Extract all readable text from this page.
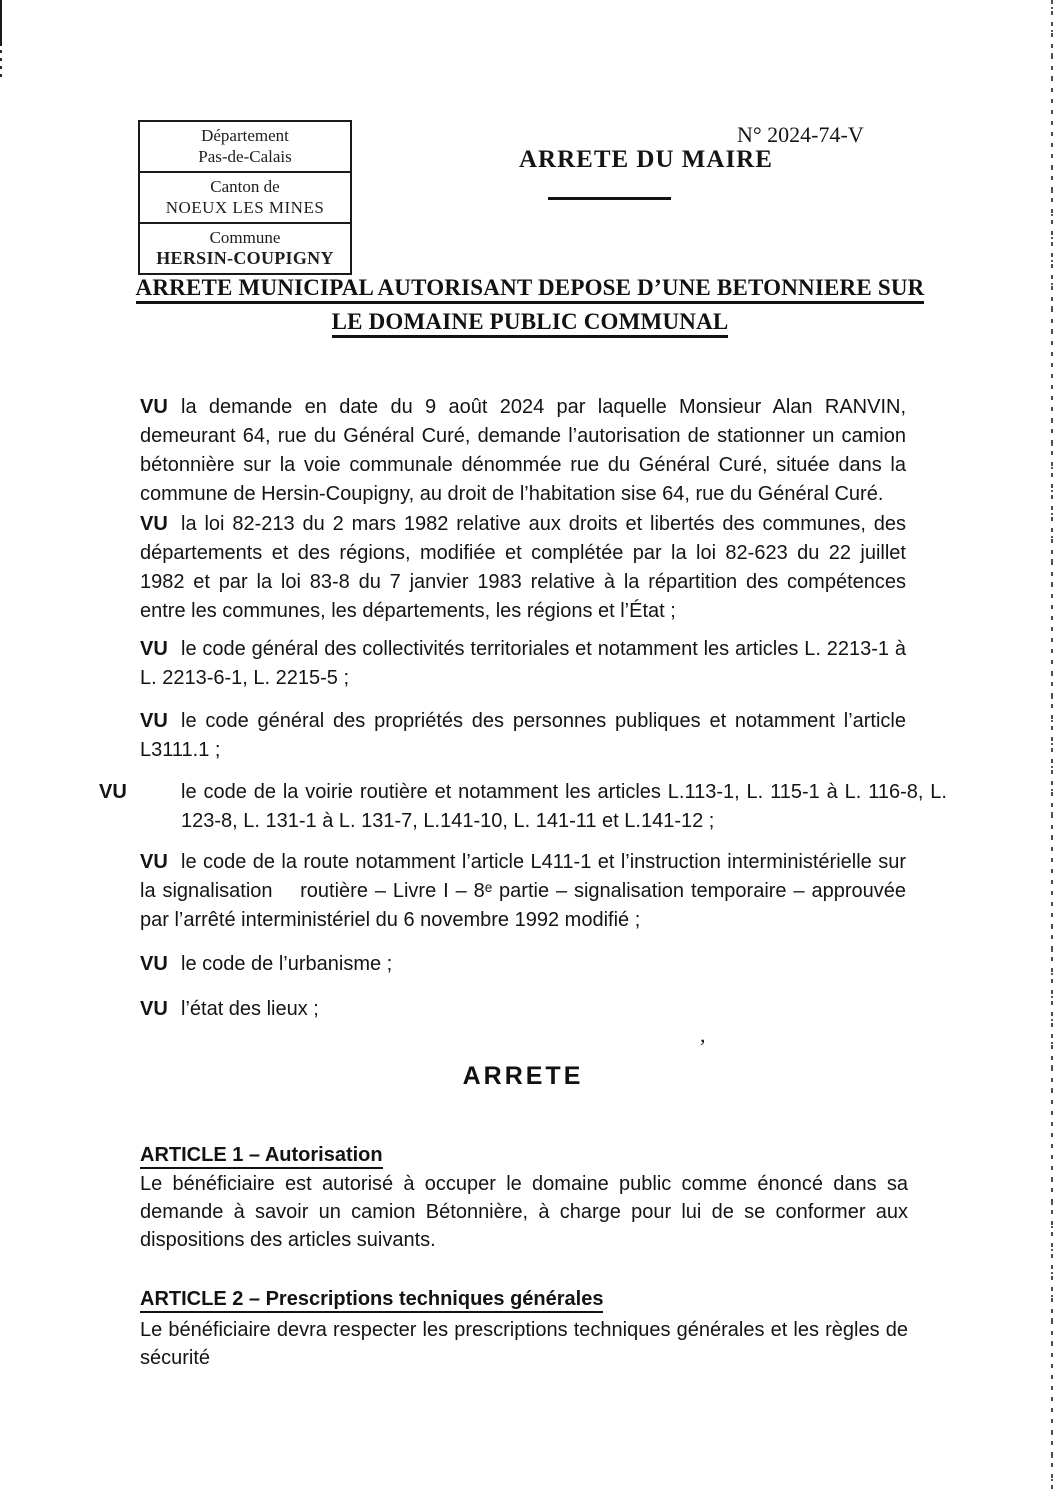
,
Département
Pas-de-Calais
Canton de
NOEUX LES MINES
Commune
HERSIN-COUPIGNY
N° 2024-74-V
ARRETE DU MAIRE
ARRETE MUNICIPAL AUTORISANT DEPOSE D’UNE BETONNIERE SUR
LE DOMAINE PUBLIC COMMUNAL
VU la demande en date du 9 août 2024 par laquelle Monsieur Alan RANVIN, demeurant 64, rue du Général Curé, demande l’autorisation de stationner un camion bétonnière sur la voie communale dénommée rue du Général Curé, située dans la commune de Hersin-Coupigny, au droit de l’habitation sise 64, rue du Général Curé.
VU la loi 82-213 du 2 mars 1982 relative aux droits et libertés des communes, des départements et des régions, modifiée et complétée par la loi 82-623 du 22 juillet 1982 et par la loi 83-8 du 7 janvier 1983 relative à la répartition des compétences entre les communes, les départements, les régions et l’État ;
VU le code général des collectivités territoriales et notamment les articles L. 2213-1 à L. 2213-6-1, L. 2215-5 ;
VU le code général des propriétés des personnes publiques et notamment l’article L3111.1 ;
VU	le code de la voirie routière et notamment les articles L.113-1, L. 115-1 à L. 116-8, L. 123-8, L. 131-1 à L. 131-7, L.141-10, L. 141-11 et L.141-12 ;
VU le code de la route notamment l’article L411-1 et l’instruction interministérielle sur la signalisation    routière – Livre I – 8ᵉ partie – signalisation temporaire – approuvée par l’arrêté interministériel du 6 novembre 1992 modifié ;
VU le code de l’urbanisme ;
VU l’état des lieux ;
ARRETE
ARTICLE 1 – Autorisation
Le bénéficiaire est autorisé à occuper le domaine public comme énoncé dans sa demande à savoir un camion Bétonnière, à charge pour lui de se conformer aux dispositions des articles suivants.
ARTICLE 2 – Prescriptions techniques générales
Le bénéficiaire devra respecter les prescriptions techniques générales et les règles de sécurité
